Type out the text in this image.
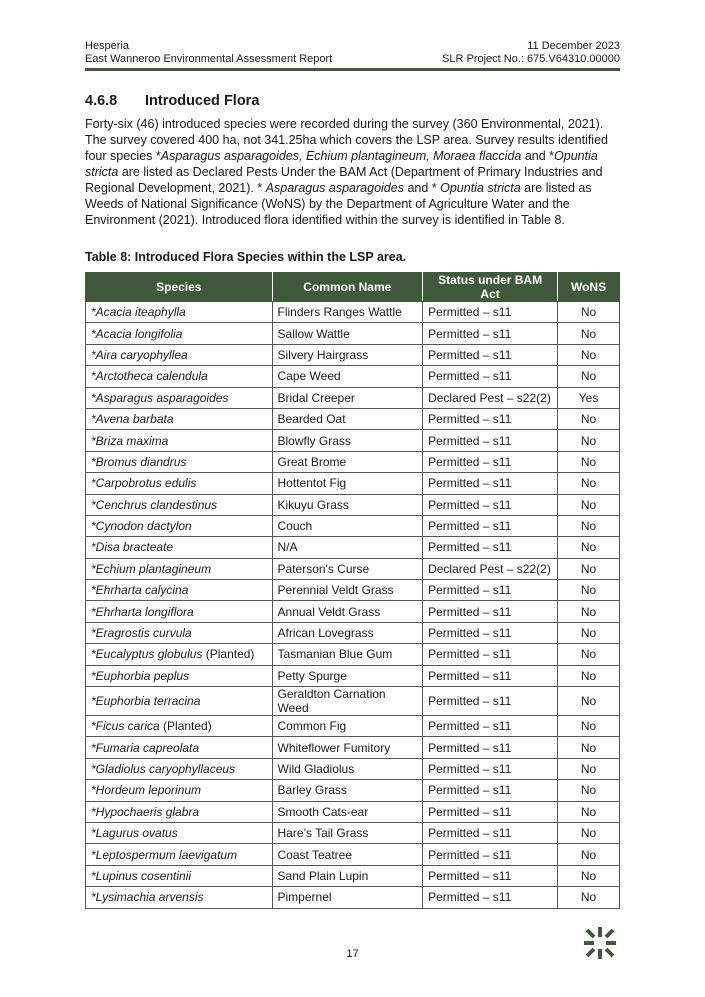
Hesperia
East Wanneroo Environmental Assessment Report
11 December 2023
SLR Project No.: 675.V64310.00000
4.6.8 Introduced Flora

Forty-six (46) introduced species were recorded during the survey (360 Environmental, 2021). The survey covered 400 ha, not 341.25ha which covers the LSP area. Survey results identified four species *Asparagus asparagoides, Echium plantagineum, Moraea flaccida and *Opuntia stricta are listed as Declared Pests Under the BAM Act (Department of Primary Industries and Regional Development, 2021). * Asparagus asparagoides and * Opuntia stricta are listed as Weeds of National Significance (WoNS) by the Department of Agriculture Water and the Environment (2021). Introduced flora identified within the survey is identified in Table 8.

Table 8: Introduced Flora Species within the LSP area.
Species	Common Name	Status under BAM Act	WoNS
*Acacia iteaphylla	Flinders Ranges Wattle	Permitted – s11	No
*Acacia longifolia	Sallow Wattle	Permitted – s11	No
*Aira caryophyllea	Silvery Hairgrass	Permitted – s11	No
*Arctotheca calendula	Cape Weed	Permitted – s11	No
*Asparagus asparagoides	Bridal Creeper	Declared Pest – s22(2)	Yes
*Avena barbata	Bearded Oat	Permitted – s11	No
*Briza maxima	Blowfly Grass	Permitted – s11	No
*Bromus diandrus	Great Brome	Permitted – s11	No
*Carpobrotus edulis	Hottentot Fig	Permitted – s11	No
*Cenchrus clandestinus	Kikuyu Grass	Permitted – s11	No
*Cynodon dactylon	Couch	Permitted – s11	No
*Disa bracteate	N/A	Permitted – s11	No
*Echium plantagineum	Paterson's Curse	Declared Pest – s22(2)	No
*Ehrharta calycina	Perennial Veldt Grass	Permitted – s11	No
*Ehrharta longiflora	Annual Veldt Grass	Permitted – s11	No
*Eragrostis curvula	African Lovegrass	Permitted – s11	No
*Eucalyptus globulus (Planted)	Tasmanian Blue Gum	Permitted – s11	No
*Euphorbia peplus	Petty Spurge	Permitted – s11	No
*Euphorbia terracina	Geraldton Carnation Weed	Permitted – s11	No
*Ficus carica (Planted)	Common Fig	Permitted – s11	No
*Fumaria capreolata	Whiteflower Fumitory	Permitted – s11	No
*Gladiolus caryophyllaceus	Wild Gladiolus	Permitted – s11	No
*Hordeum leporinum	Barley Grass	Permitted – s11	No
*Hypochaeris glabra	Smooth Cats-ear	Permitted – s11	No
*Lagurus ovatus	Hare’s Tail Grass	Permitted – s11	No
*Leptospermum laevigatum	Coast Teatree	Permitted – s11	No
*Lupinus cosentinii	Sand Plain Lupin	Permitted – s11	No
*Lysimachia arvensis	Pimpernel	Permitted – s11	No
17
